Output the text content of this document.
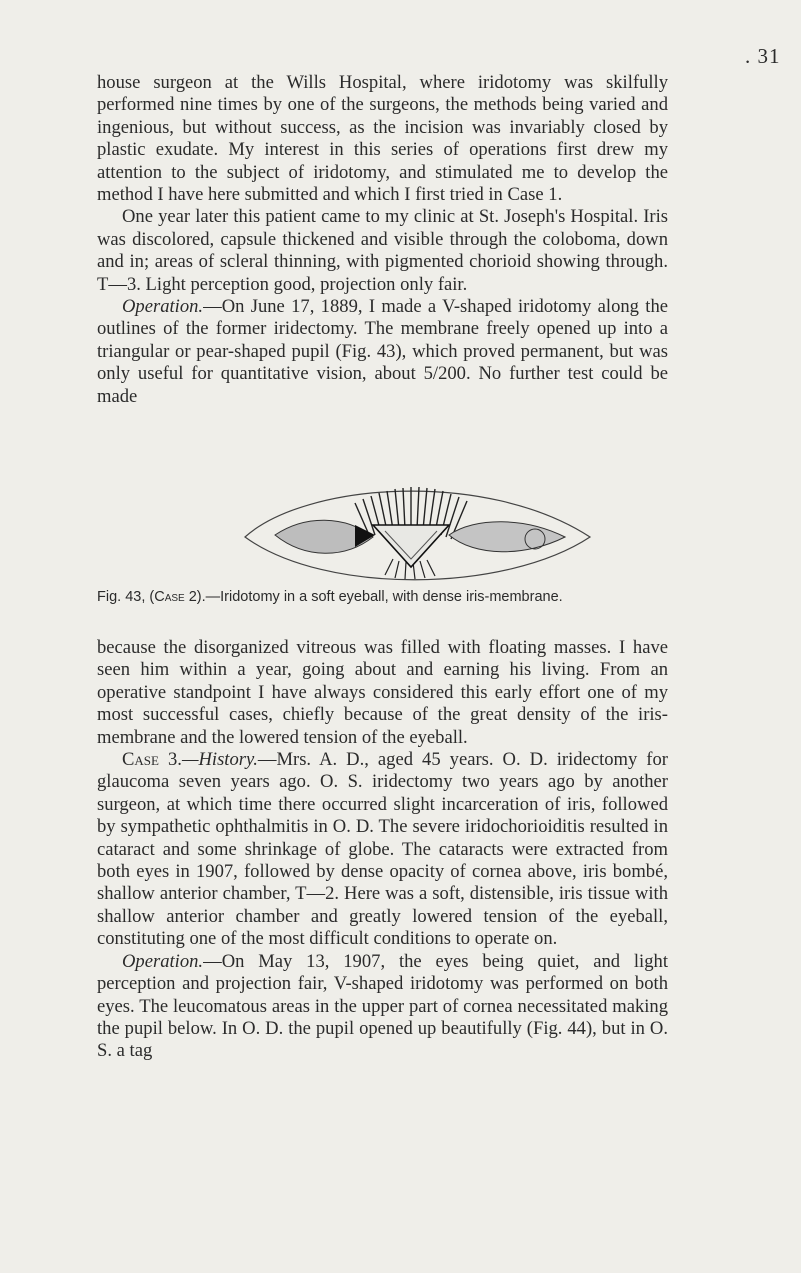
. 31

house surgeon at the Wills Hospital, where iridotomy was skilfully performed nine times by one of the surgeons, the methods being varied and ingenious, but without success, as the incision was invariably closed by plastic exudate. My interest in this series of operations first drew my attention to the subject of iridotomy, and stimulated me to develop the method I have here submitted and which I first tried in Case 1.

One year later this patient came to my clinic at St. Joseph's Hospital. Iris was discolored, capsule thickened and visible through the coloboma, down and in; areas of scleral thinning, with pigmented chorioid showing through. T—3. Light perception good, projection only fair.

Operation.—On June 17, 1889, I made a V-shaped iridotomy along the outlines of the former iridectomy. The membrane freely opened up into a triangular or pear-shaped pupil (Fig. 43), which proved permanent, but was only useful for quantitative vision, about 5/200. No further test could be made

Fig. 43, (Case 2).—Iridotomy in a soft eyeball, with dense iris-membrane.

because the disorganized vitreous was filled with floating masses. I have seen him within a year, going about and earning his living. From an operative standpoint I have always considered this early effort one of my most successful cases, chiefly because of the great density of the iris-membrane and the lowered tension of the eyeball.

Case 3.—History.—Mrs. A. D., aged 45 years. O. D. iridectomy for glaucoma seven years ago. O. S. iridectomy two years ago by another surgeon, at which time there occurred slight incarceration of iris, followed by sympathetic ophthalmitis in O. D. The severe iridochorioiditis resulted in cataract and some shrinkage of globe. The cataracts were extracted from both eyes in 1907, followed by dense opacity of cornea above, iris bombé, shallow anterior chamber, T—2. Here was a soft, distensible, iris tissue with shallow anterior chamber and greatly lowered tension of the eyeball, constituting one of the most difficult conditions to operate on.

Operation.—On May 13, 1907, the eyes being quiet, and light perception and projection fair, V-shaped iridotomy was performed on both eyes. The leucomatous areas in the upper part of cornea necessitated making the pupil below. In O. D. the pupil opened up beautifully (Fig. 44), but in O. S. a tag
